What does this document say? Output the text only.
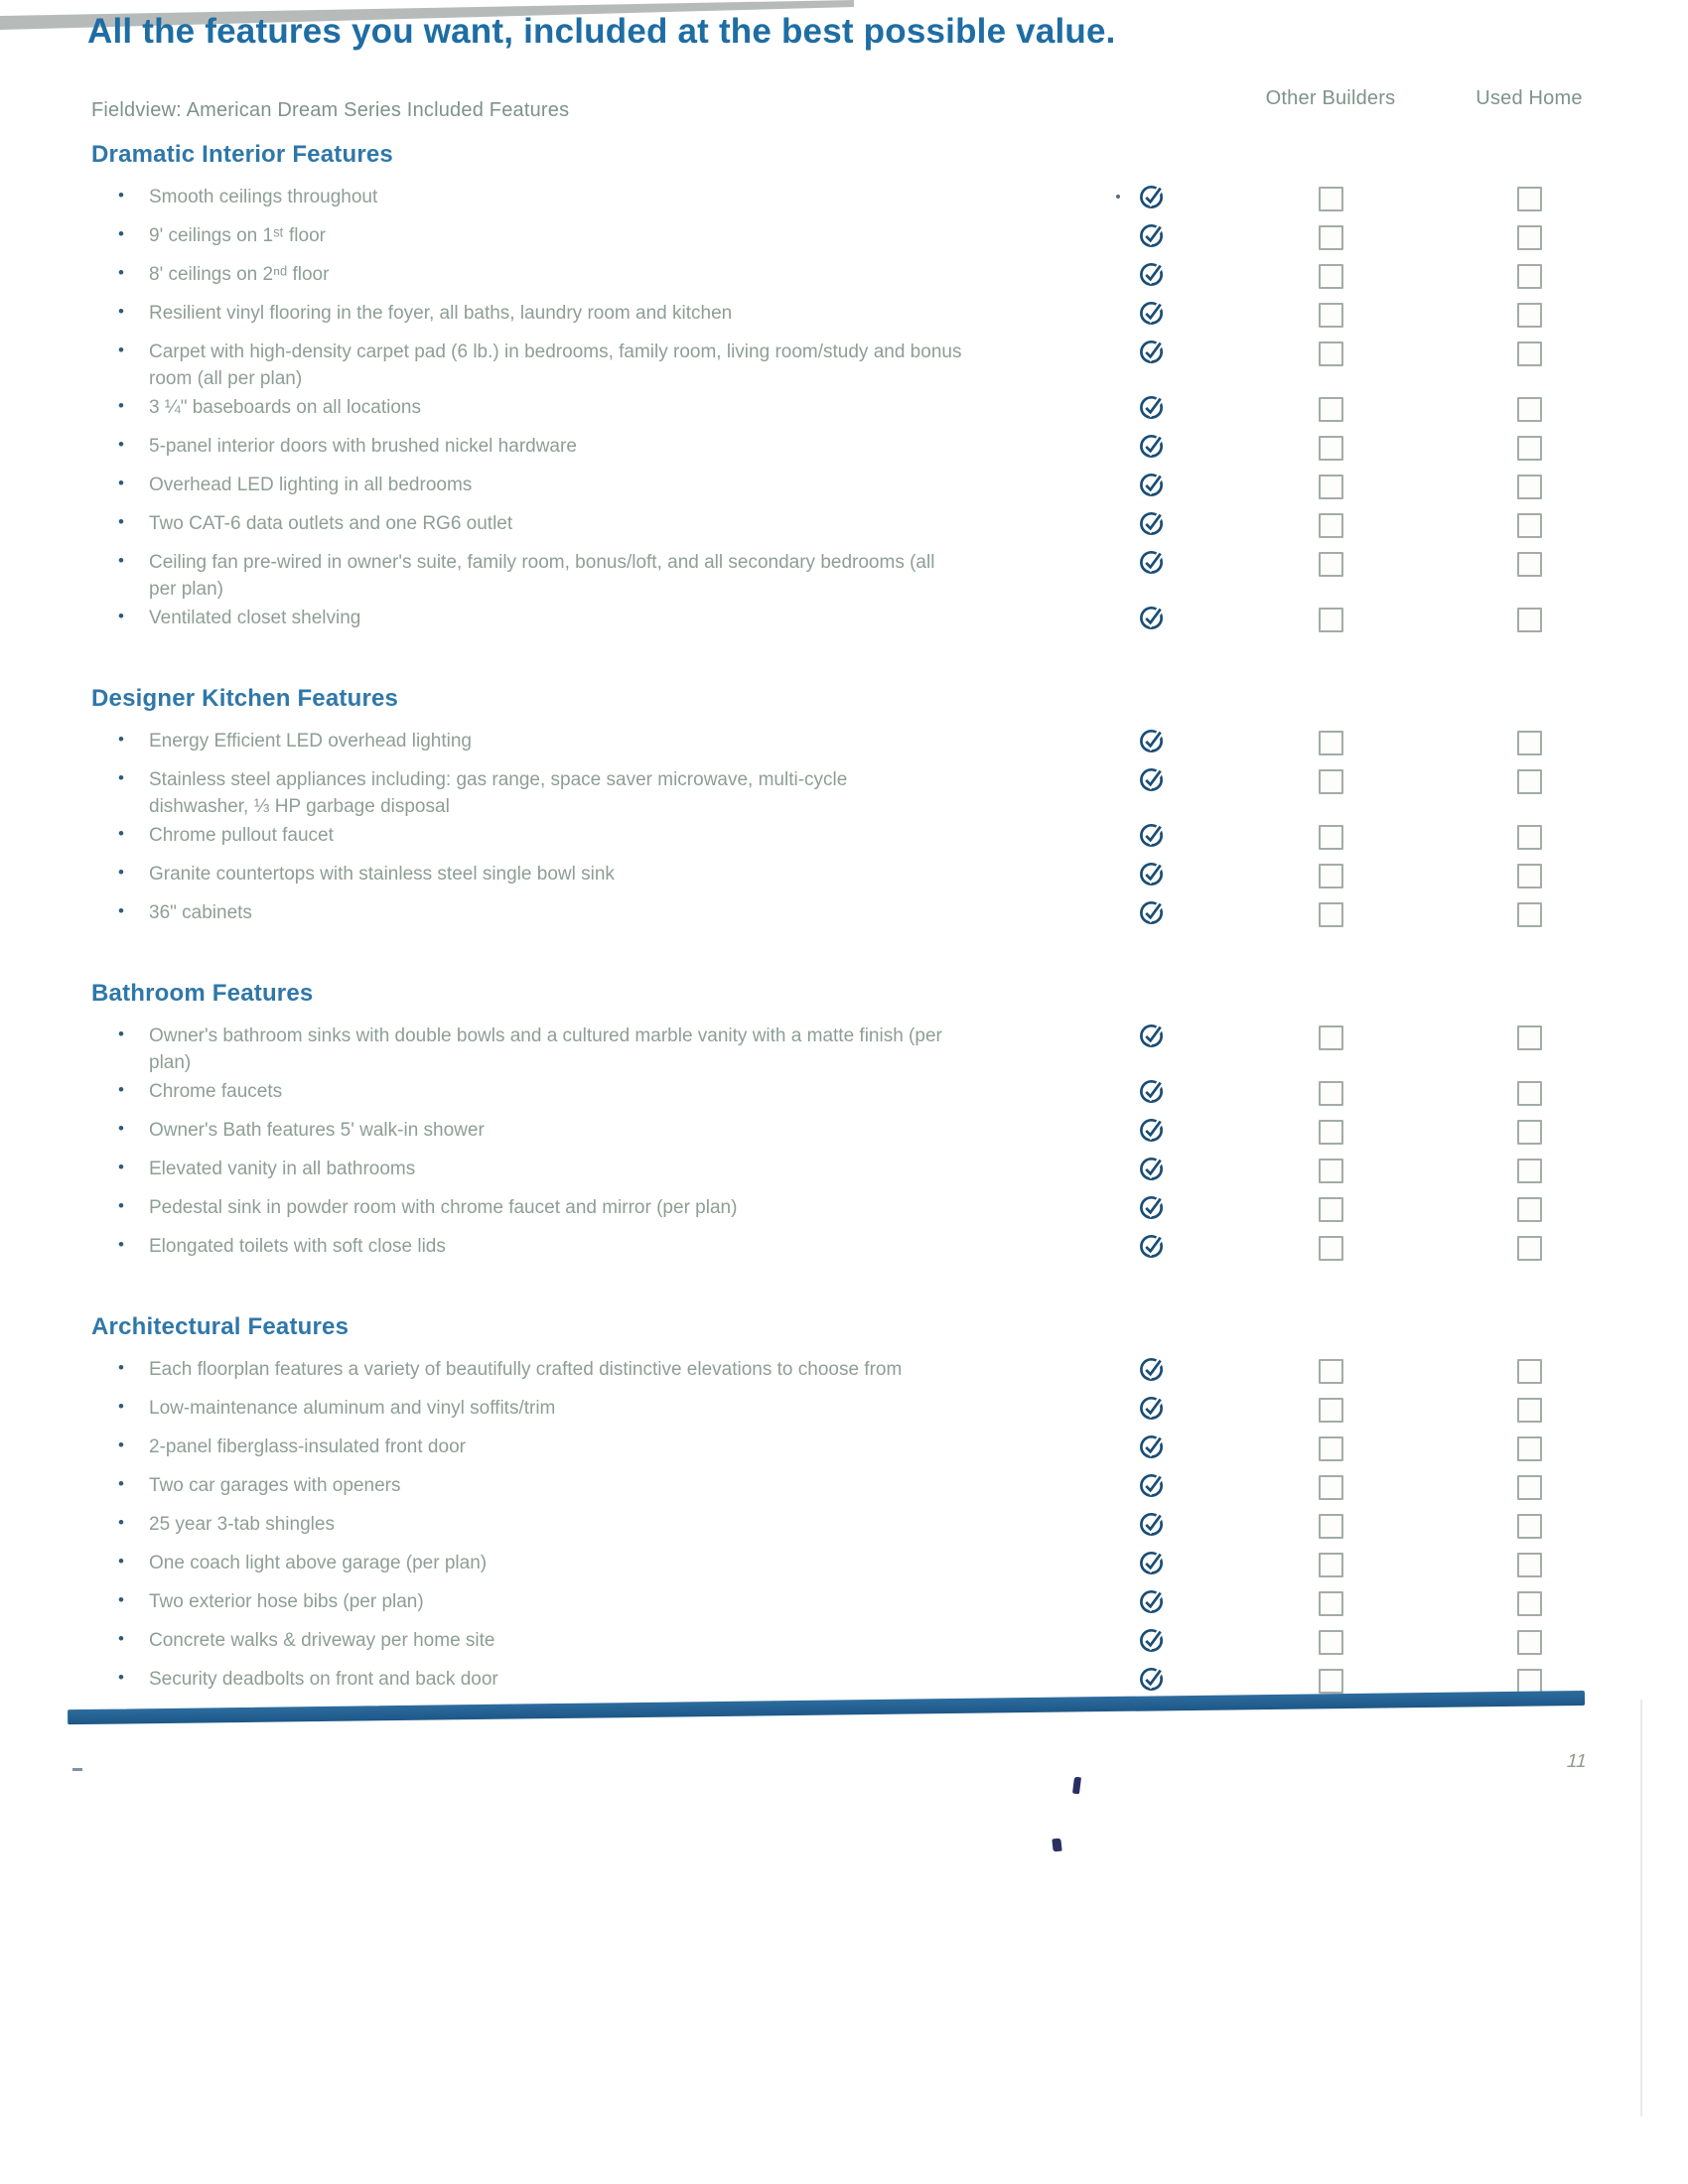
All the features you want, included at the best possible value.
Fieldview: American Dream Series Included Features
Other Builders	Used Home
Dramatic Interior Features
• Smooth ceilings throughout
• 9' ceilings on 1ˢᵗ floor
• 8' ceilings on 2ⁿᵈ floor
• Resilient vinyl flooring in the foyer, all baths, laundry room and kitchen
• Carpet with high-density carpet pad (6 lb.) in bedrooms, family room, living room/study and bonus room (all per plan)
• 3 ¼" baseboards on all locations
• 5-panel interior doors with brushed nickel hardware
• Overhead LED lighting in all bedrooms
• Two CAT-6 data outlets and one RG6 outlet
• Ceiling fan pre-wired in owner's suite, family room, bonus/loft, and all secondary bedrooms (all per plan)
• Ventilated closet shelving
Designer Kitchen Features
• Energy Efficient LED overhead lighting
• Stainless steel appliances including: gas range, space saver microwave, multi-cycle dishwasher, ⅓ HP garbage disposal
• Chrome pullout faucet
• Granite countertops with stainless steel single bowl sink
• 36" cabinets
Bathroom Features
• Owner's bathroom sinks with double bowls and a cultured marble vanity with a matte finish (per plan)
• Chrome faucets
• Owner's Bath features 5' walk-in shower
• Elevated vanity in all bathrooms
• Pedestal sink in powder room with chrome faucet and mirror (per plan)
• Elongated toilets with soft close lids
Architectural Features
• Each floorplan features a variety of beautifully crafted distinctive elevations to choose from
• Low-maintenance aluminum and vinyl soffits/trim
• 2-panel fiberglass-insulated front door
• Two car garages with openers
• 25 year 3-tab shingles
• One coach light above garage (per plan)
• Two exterior hose bibs (per plan)
• Concrete walks & driveway per home site
• Security deadbolts on front and back door
11
